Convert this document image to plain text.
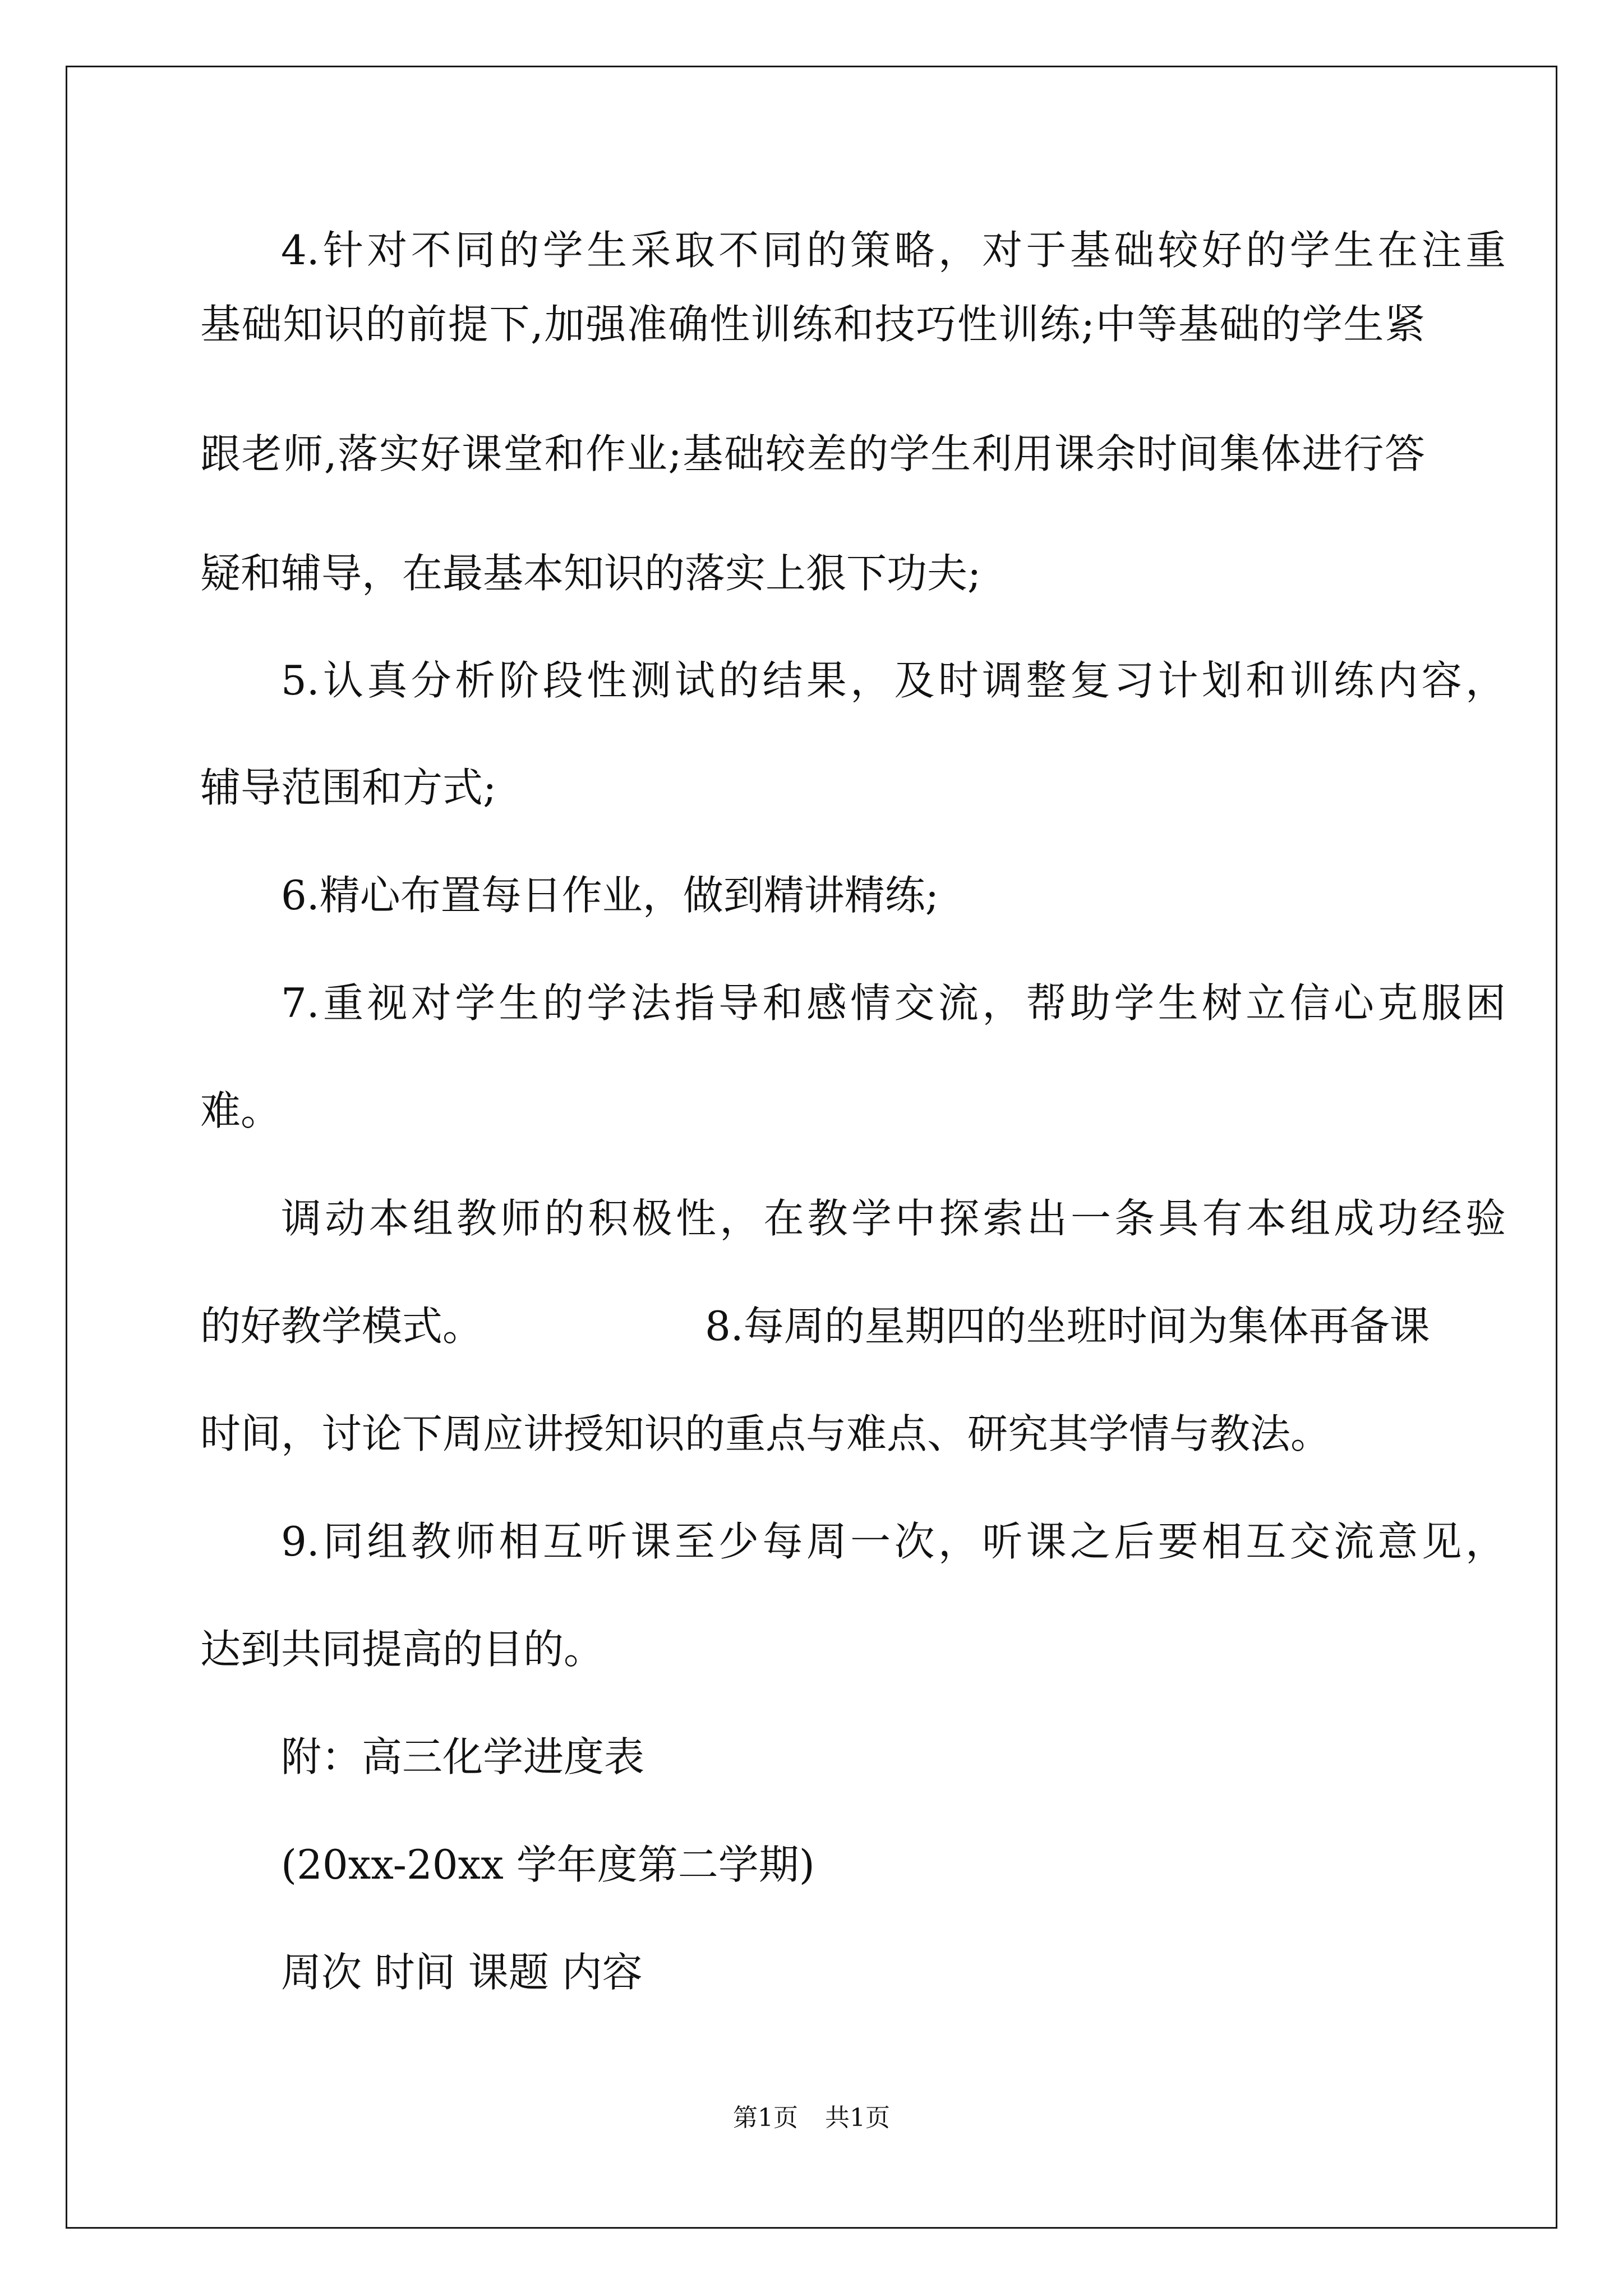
4.针对不同的学生采取不同的策略，对于基础较好的学生在注重
基础知识的前提下,加强准确性训练和技巧性训练;中等基础的学生紧
跟老师,落实好课堂和作业;基础较差的学生利用课余时间集体进行答
疑和辅导，在最基本知识的落实上狠下功夫;
5.认真分析阶段性测试的结果，及时调整复习计划和训练内容，
辅导范围和方式;
6.精心布置每日作业，做到精讲精练;
7.重视对学生的学法指导和感情交流，帮助学生树立信心克服困
难。
调动本组教师的积极性，在教学中探索出一条具有本组成功经验
的好教学模式。　　　　　　8.每周的星期四的坐班时间为集体再备课
时间，讨论下周应讲授知识的重点与难点、研究其学情与教法。
9.同组教师相互听课至少每周一次，听课之后要相互交流意见，
达到共同提高的目的。
附：高三化学进度表
(20xx-20xx 学年度第二学期)
周次 时间 课题 内容
第1页 共1页
